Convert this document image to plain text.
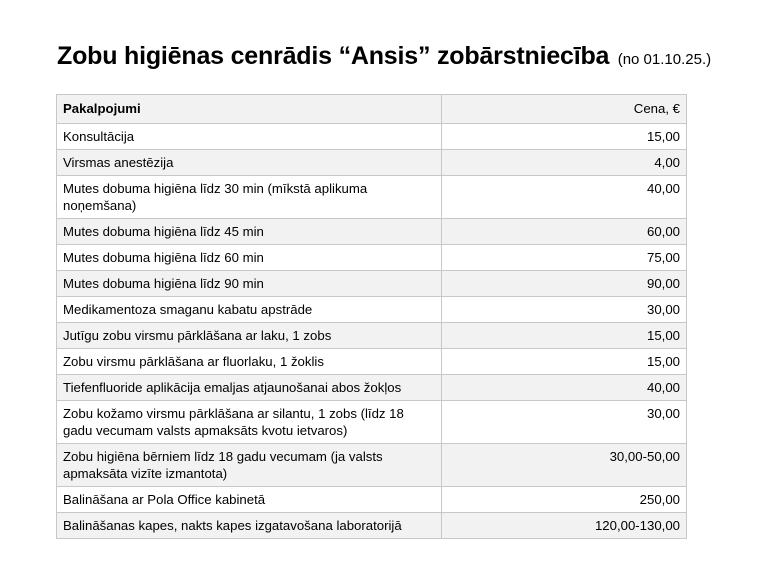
Zobu higiēnas cenrādis “Ansis” zobārstniecība (no 01.10.25.)
Pakalpojumi	Cena, €
Konsultācija	15,00
Virsmas anestēzija	4,00
Mutes dobuma higiēna līdz 30 min (mīkstā aplikuma noņemšana)	40,00
Mutes dobuma higiēna līdz 45 min	60,00
Mutes dobuma higiēna līdz 60 min	75,00
Mutes dobuma higiēna līdz 90 min	90,00
Medikamentoza smaganu kabatu apstrāde	30,00
Jutīgu zobu virsmu pārklāšana ar laku, 1 zobs	15,00
Zobu virsmu pārklāšana ar fluorlaku, 1 žoklis	15,00
Tiefenfluoride aplikācija emaljas atjaunošanai abos žokļos	40,00
Zobu kožamo virsmu pārklāšana ar silantu, 1 zobs (līdz 18 gadu vecumam valsts apmaksāts kvotu ietvaros)	30,00
Zobu higiēna bērniem līdz 18 gadu vecumam (ja valsts apmaksāta vizīte izmantota)	30,00-50,00
Balināšana ar Pola Office kabinetā	250,00
Balināšanas kapes, nakts kapes izgatavošana laboratorijā	120,00-130,00
